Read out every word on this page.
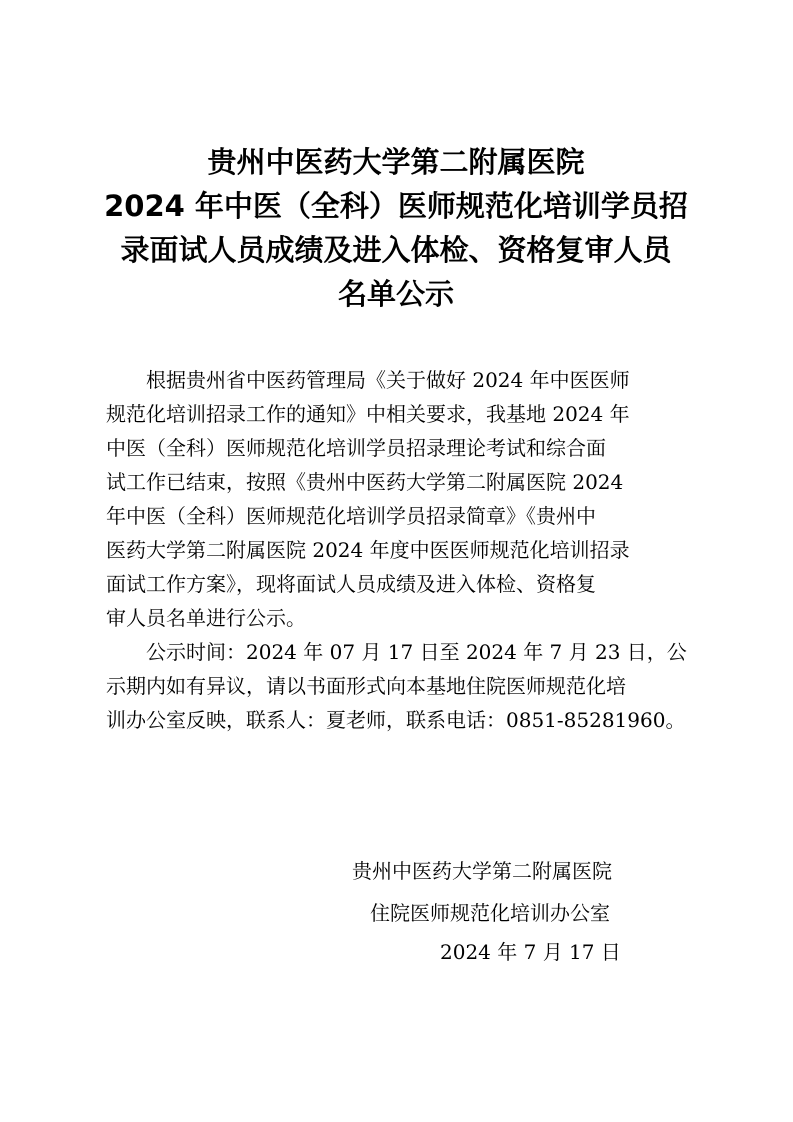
贵州中医药大学第二附属医院
2024 年中医（全科）医师规范化培训学员招
录面试人员成绩及进入体检、资格复审人员
名单公示
根据贵州省中医药管理局《关于做好 2024 年中医医师
规范化培训招录工作的通知》中相关要求，我基地 2024 年
中医（全科）医师规范化培训学员招录理论考试和综合面
试工作已结束，按照《贵州中医药大学第二附属医院 2024
年中医（全科）医师规范化培训学员招录简章》《贵州中
医药大学第二附属医院 2024 年度中医医师规范化培训招录
面试工作方案》，现将面试人员成绩及进入体检、资格复
审人员名单进行公示。
公示时间：2024 年 07 月 17 日至 2024 年 7 月 23 日，公
示期内如有异议，请以书面形式向本基地住院医师规范化培
训办公室反映，联系人：夏老师，联系电话：0851-85281960。
贵州中医药大学第二附属医院
住院医师规范化培训办公室
2024 年 7 月 17 日
